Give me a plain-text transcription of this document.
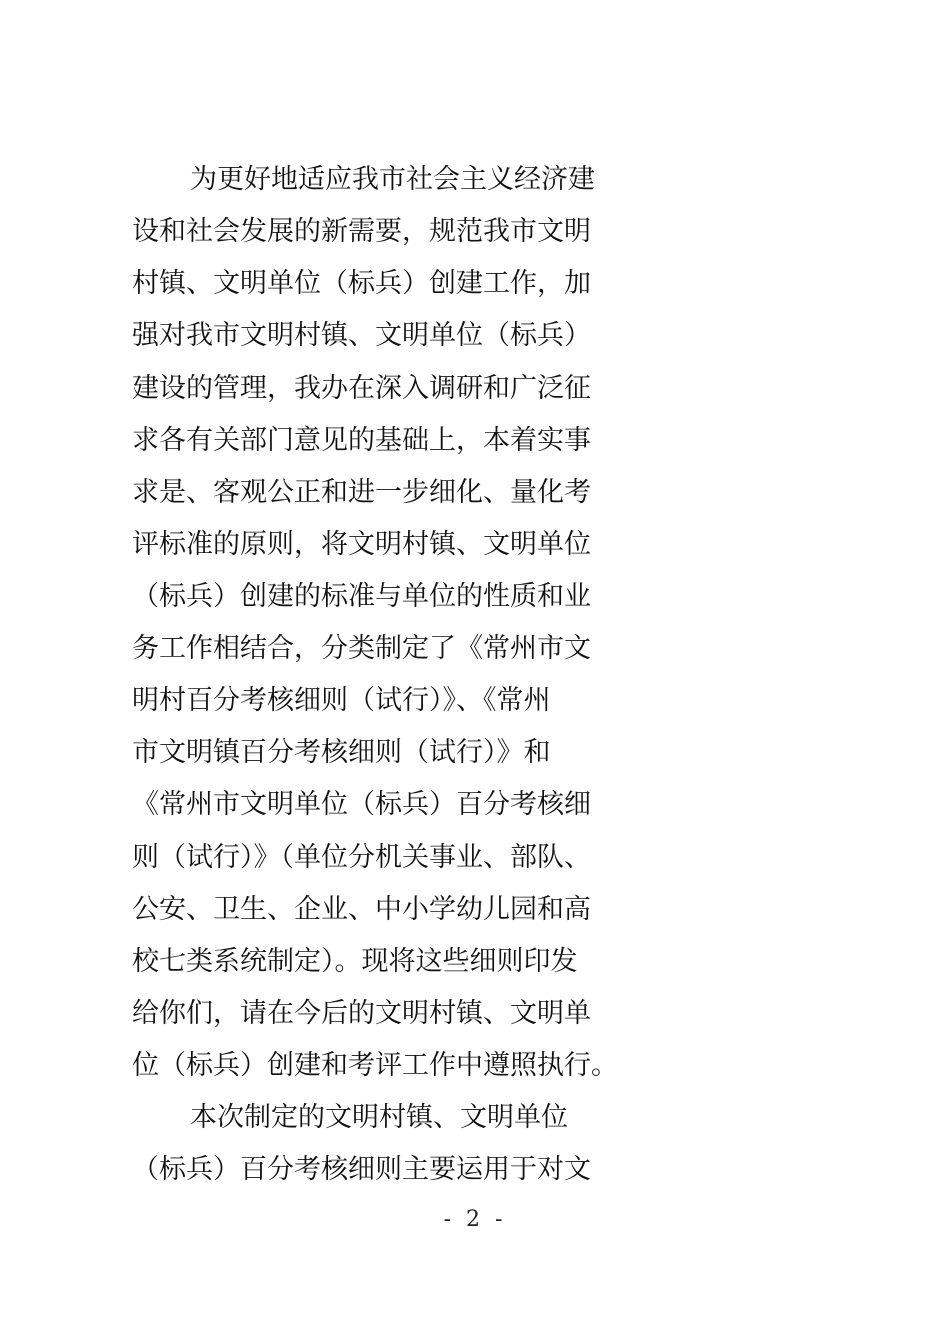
为更好地适应我市社会主义经济建
设和社会发展的新需要，规范我市文明
村镇、文明单位（标兵）创建工作，加
强对我市文明村镇、文明单位（标兵）
建设的管理，我办在深入调研和广泛征
求各有关部门意见的基础上，本着实事
求是、客观公正和进一步细化、量化考
评标准的原则，将文明村镇、文明单位
（标兵）创建的标准与单位的性质和业
务工作相结合，分类制定了《常州市文
明村百分考核细则（试行）》、《常州
市文明镇百分考核细则（试行）》和
《常州市文明单位（标兵）百分考核细
则（试行）》（单位分机关事业、部队、
公安、卫生、企业、中小学幼儿园和高
校七类系统制定）。现将这些细则印发
给你们，请在今后的文明村镇、文明单
位（标兵）创建和考评工作中遵照执行。
本次制定的文明村镇、文明单位
（标兵）百分考核细则主要运用于对文
- 2 -
